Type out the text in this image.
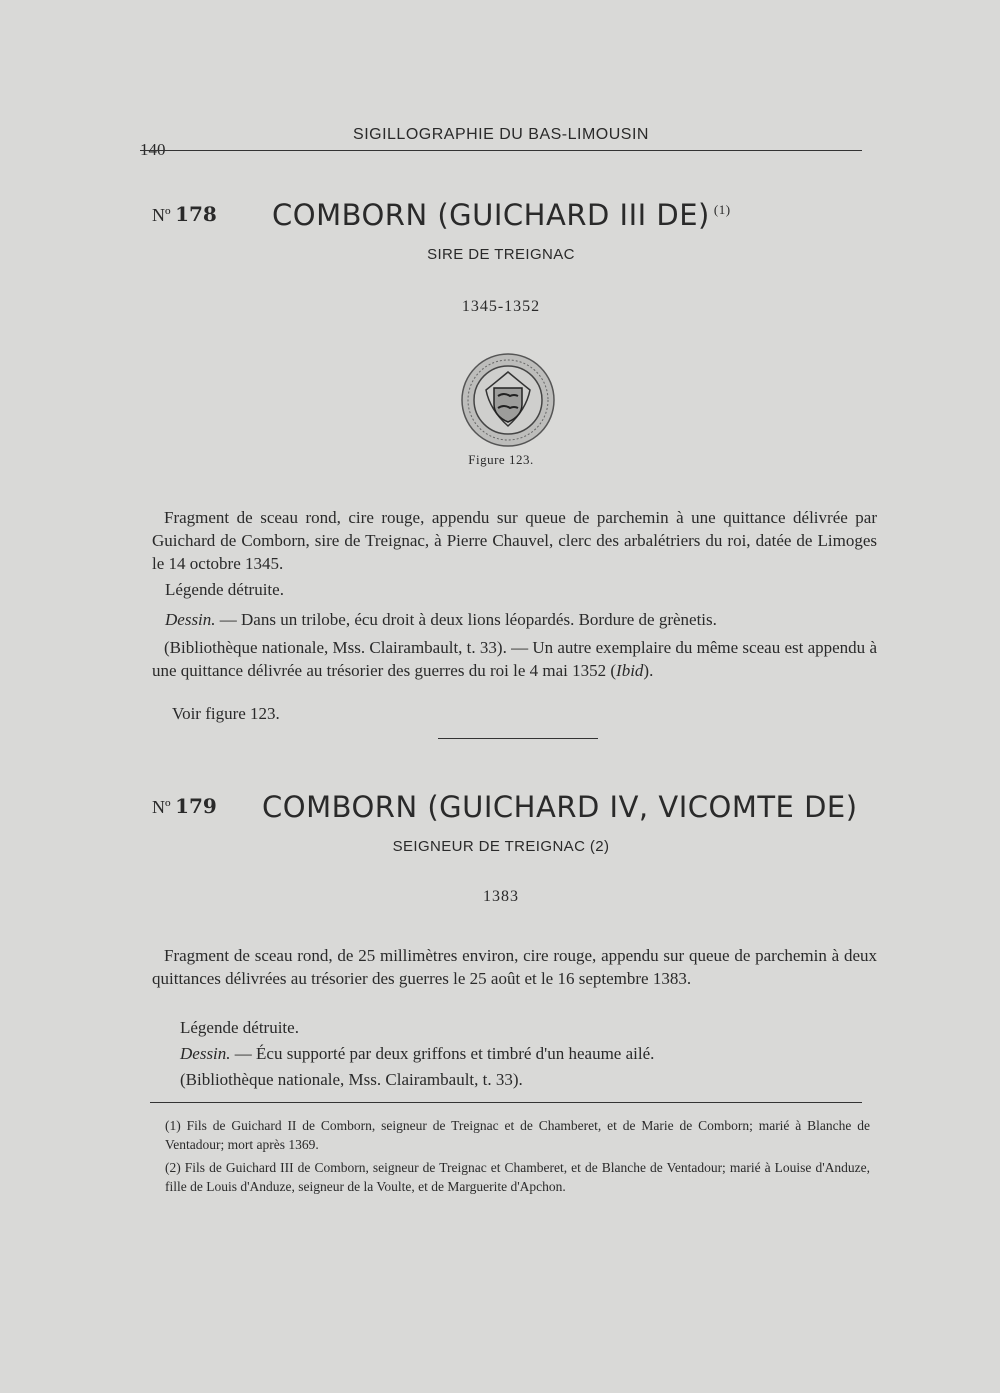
140
SIGILLOGRAPHIE DU BAS-LIMOUSIN
Nº 178 COMBORN (GUICHARD III DE) $^{(1)}$
SIRE DE TREIGNAC
1345-1352
Figure 123.
Fragment de sceau rond, cire rouge, appendu sur queue de parchemin à une quittance délivrée par Guichard de Comborn, sire de Treignac, à Pierre Chauvel, clerc des arbalétriers du roi, datée de Limoges le 14 octobre 1345.
Légende détruite.
Dessin. — Dans un trilobe, écu droit à deux lions léopardés. Bordure de grènetis.
(Bibliothèque nationale, Mss. Clairambault, t. 33). — Un autre exemplaire du même sceau est appendu à une quittance délivrée au trésorier des guerres du roi le 4 mai 1352 (Ibid).
Voir figure 123.
Nº 179 COMBORN (GUICHARD IV, VICOMTE DE)
SEIGNEUR DE TREIGNAC (2)
1383
Fragment de sceau rond, de 25 millimètres environ, cire rouge, appendu sur queue de parchemin à deux quittances délivrées au trésorier des guerres le 25 août et le 16 septembre 1383.
Légende détruite.
Dessin. — Écu supporté par deux griffons et timbré d'un heaume ailé.
(Bibliothèque nationale, Mss. Clairambault, t. 33).
(1) Fils de Guichard II de Comborn, seigneur de Treignac et de Chamberet, et de Marie de Comborn; marié à Blanche de Ventadour; mort après 1369.
(2) Fils de Guichard III de Comborn, seigneur de Treignac et Chamberet, et de Blanche de Ventadour; marié à Louise d'Anduze, fille de Louis d'Anduze, seigneur de la Voulte, et de Marguerite d'Apchon.
